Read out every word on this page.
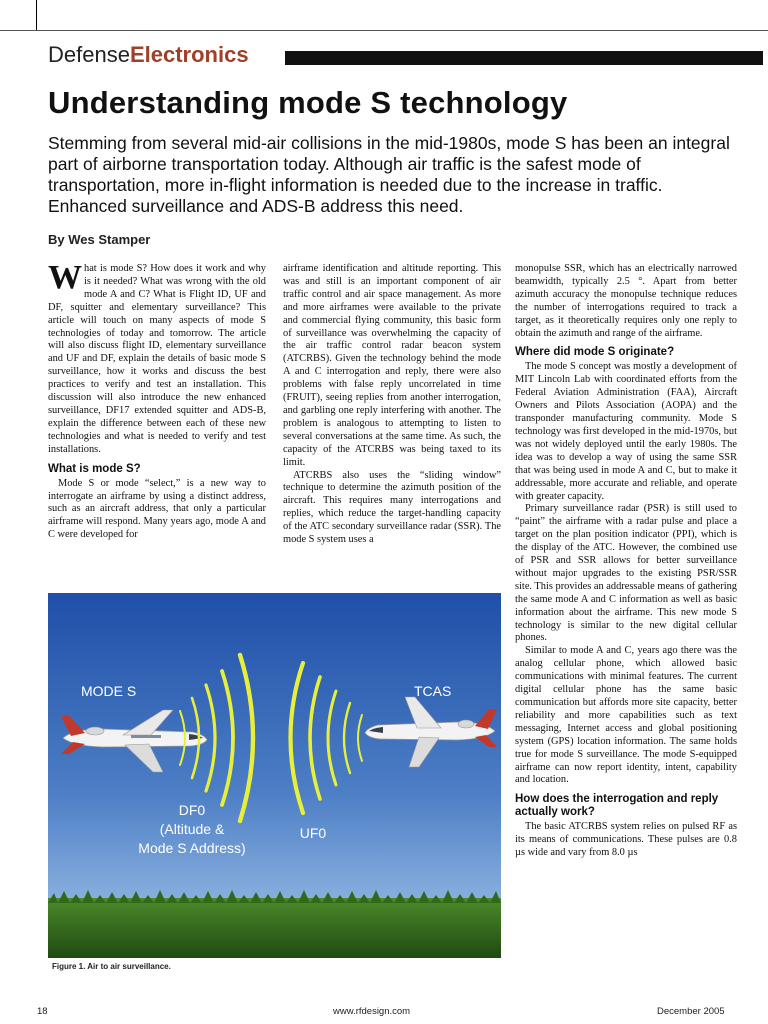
DefenseElectronics
Understanding mode S technology

Stemming from several mid-air collisions in the mid-1980s, mode S has been an integral part of airborne transportation today. Although air traffic is the safest mode of transportation, more in-flight information is needed due to the increase in traffic. Enhanced surveillance and ADS-B address this need.

By Wes Stamper

What is mode S? How does it work and why is it needed? What was wrong with the old mode A and C? What is Flight ID, UF and DF, squitter and elementary surveillance? This article will touch on many aspects of mode S technologies of today and tomorrow. The article will also discuss flight ID, elementary surveillance and UF and DF, explain the details of basic mode S surveillance, how it works and discuss the best practices to verify and test an installation. This discussion will also introduce the new enhanced surveillance, DF17 extended squitter and ADS-B, explain the difference between each of these new technologies and what is needed to verify and test installations.

What is mode S?

Mode S or mode “select,” is a new way to interrogate an airframe by using a distinct address, such as an aircraft address, that only a particular airframe will respond. Many years ago, mode A and C were developed for

airframe identification and altitude reporting. This was and still is an important component of air traffic control and air space management. As more and more airframes were available to the private and commercial flying community, this basic form of surveillance was overwhelming the capacity of the air traffic control radar beacon system (ATCRBS). Given the technology behind the mode A and C interrogation and reply, there were also problems with false reply uncorrelated in time (FRUIT), seeing replies from another interrogation, and garbling one reply interfering with another. The problem is analogous to attempting to listen to several conversations at the same time. As such, the capacity of the ATCRBS was being taxed to its limit.

ATCRBS also uses the “sliding window” technique to determine the azimuth position of the aircraft. This requires many interrogations and replies, which reduce the target-handling capacity of the ATC secondary surveillance radar (SSR). The mode S system uses a

monopulse SSR, which has an electrically narrowed beamwidth, typically 2.5 °. Apart from better azimuth accuracy the monopulse technique reduces the number of interrogations required to track a target, as it theoretically requires only one reply to obtain the azimuth and range of the airframe.

Where did mode S originate?

The mode S concept was mostly a development of MIT Lincoln Lab with coordinated efforts from the Federal Aviation Administration (FAA), Aircraft Owners and Pilots Association (AOPA) and the transponder manufacturing community. Mode S technology was first developed in the mid-1970s, but was not widely deployed until the early 1980s. The idea was to develop a way of using the same SSR that was being used in mode A and C, but to make it addressable, more accurate and reliable, and operate with greater capacity.

Primary surveillance radar (PSR) is still used to “paint” the airframe with a radar pulse and place a target on the plan position indicator (PPI), which is the display of the ATC. However, the combined use of PSR and SSR allows for better surveillance without major upgrades to the existing PSR/SSR site. This provides an addressable means of gathering the same mode A and C information as well as basic information about the airframe. This new mode S technology is similar to the new digital cellular phones.

Similar to mode A and C, years ago there was the analog cellular phone, which allowed basic communications with minimal features. The current digital cellular phone has the same basic communication but affords more site capacity, better reliability and more capabilities such as text messaging, Internet access and global positioning system (GPS) location information. The same holds true for mode S surveillance. The mode S-equipped airframe can now report identity, intent, capability and location.

How does the interrogation and reply actually work?

The basic ATCRBS system relies on pulsed RF as its means of communications. These pulses are 0.8 µs wide and vary from 8.0 µs

MODE S	TCAS
DF0
(Altitude &
Mode S Address)
UF0
Figure 1. Air to air surveillance.
18	www.rfdesign.com	December 2005
